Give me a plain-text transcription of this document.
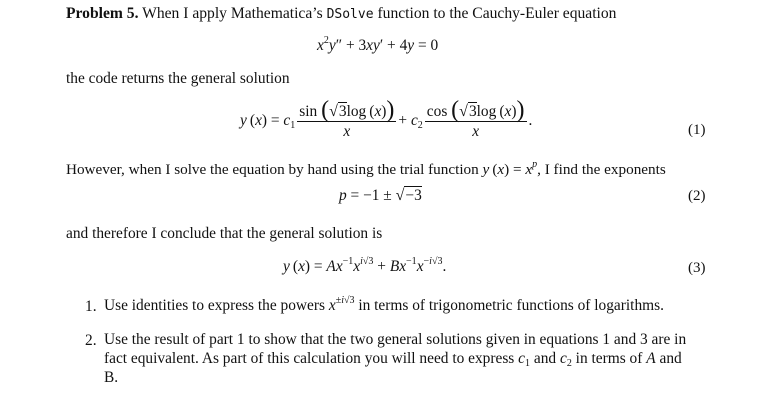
Problem 5. When I apply Mathematica’s DSolve function to the Cauchy-Euler equation
$x^2y'' + 3xy' + 4y = 0$
the code returns the general solution
y $(x) = c_1 \frac{\sin (√3\log (x))}{x} + c_2 \frac{\cos (√3\log (x))}{x}$ .
(1)
However, when I solve the equation by hand using the trial function y $(x) = x^p$, I find the exponents
p = −1 ± √−3	(2)
and therefore I conclude that the general solution is
y $(x) = Ax^{-1}x^{i√3} + Bx^{-1}x^{-i√3}$.	(3)
1. Use identities to express the powers $x^{\pm i√3}$ in terms of trigonometric functions of logarithms.
2. Use the result of part 1 to show that the two general solutions given in equations 1 and 3 are in
fact equivalent. As part of this calculation you will need to express $c_1$ and $c_2$ in terms of A and
B.
